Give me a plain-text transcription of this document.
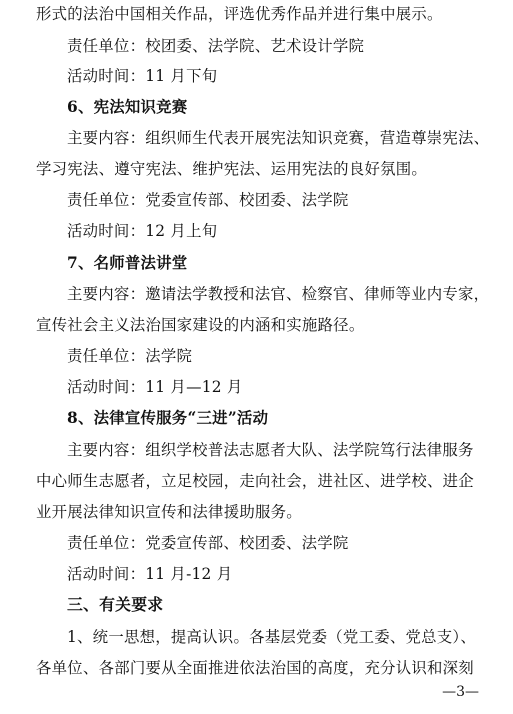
形式的法治中国相关作品，评选优秀作品并进行集中展示。
责任单位：校团委、法学院、艺术设计学院
活动时间：11 月下旬
6、宪法知识竞赛
主要内容：组织师生代表开展宪法知识竞赛，营造尊崇宪法、
学习宪法、遵守宪法、维护宪法、运用宪法的良好氛围。
责任单位：党委宣传部、校团委、法学院
活动时间：12 月上旬
7、名师普法讲堂
主要内容：邀请法学教授和法官、检察官、律师等业内专家，
宣传社会主义法治国家建设的内涵和实施路径。
责任单位：法学院
活动时间：11 月—12 月
8、法律宣传服务“三进”活动
主要内容：组织学校普法志愿者大队、法学院笃行法律服务
中心师生志愿者，立足校园，走向社会，进社区、进学校、进企
业开展法律知识宣传和法律援助服务。
责任单位：党委宣传部、校团委、法学院
活动时间：11 月-12 月
三、有关要求
1、统一思想，提高认识。各基层党委（党工委、党总支）、
各单位、各部门要从全面推进依法治国的高度，充分认识和深刻
—3—
